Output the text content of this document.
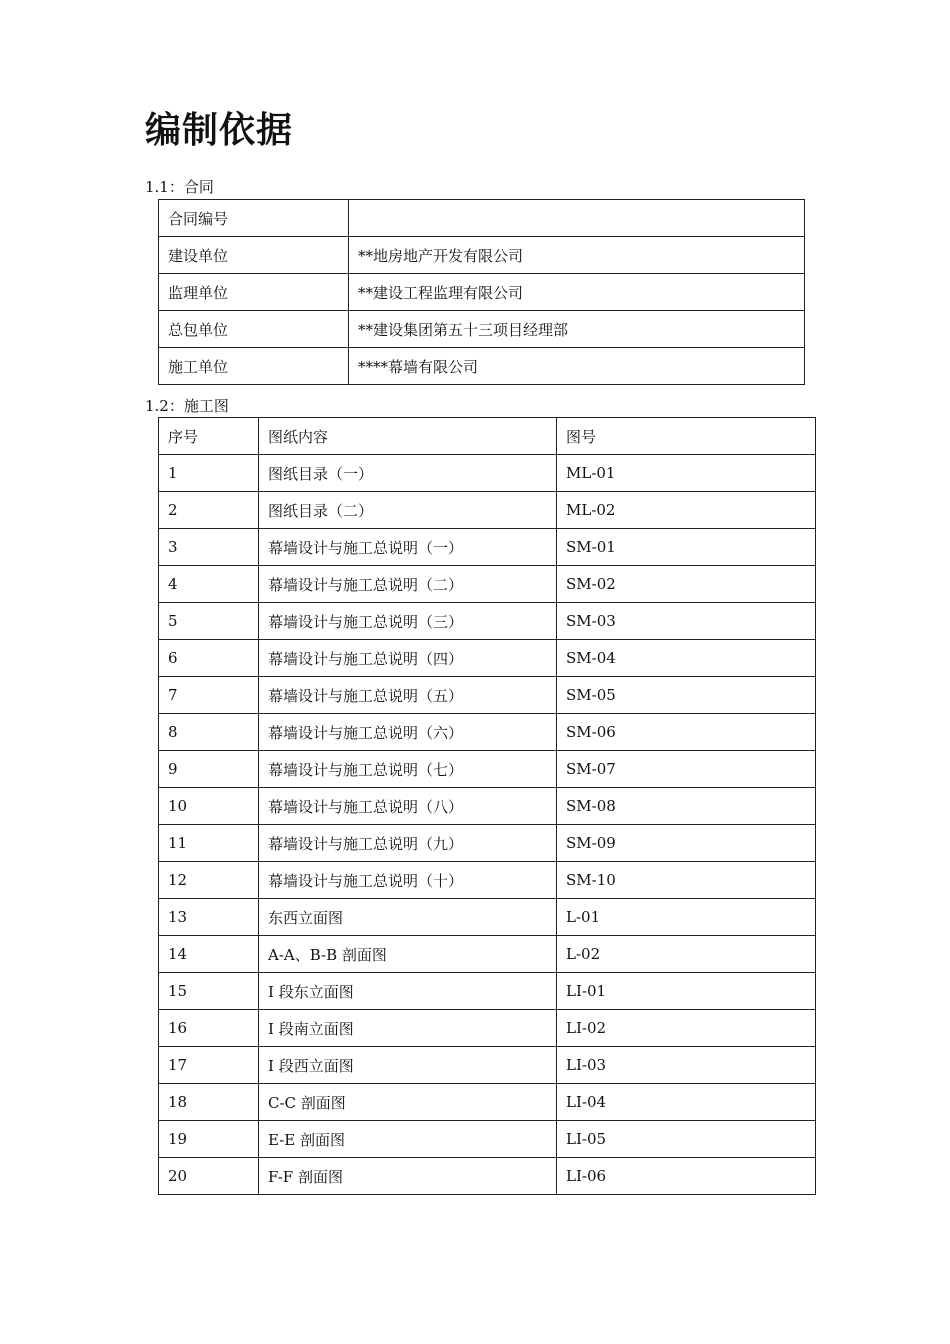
编制依据
1.1：合同
合同编号	
建设单位	**地房地产开发有限公司
监理单位	**建设工程监理有限公司
总包单位	**建设集团第五十三项目经理部
施工单位	****幕墙有限公司
1.2：施工图
序号	图纸内容	图号
1	图纸目录（一）	ML-01
2	图纸目录（二）	ML-02
3	幕墙设计与施工总说明（一）	SM-01
4	幕墙设计与施工总说明（二）	SM-02
5	幕墙设计与施工总说明（三）	SM-03
6	幕墙设计与施工总说明（四）	SM-04
7	幕墙设计与施工总说明（五）	SM-05
8	幕墙设计与施工总说明（六）	SM-06
9	幕墙设计与施工总说明（七）	SM-07
10	幕墙设计与施工总说明（八）	SM-08
11	幕墙设计与施工总说明（九）	SM-09
12	幕墙设计与施工总说明（十）	SM-10
13	东西立面图	L-01
14	A-A、B-B 剖面图	L-02
15	I 段东立面图	LI-01
16	I 段南立面图	LI-02
17	I 段西立面图	LI-03
18	C-C 剖面图	LI-04
19	E-E 剖面图	LI-05
20	F-F 剖面图	LI-06
